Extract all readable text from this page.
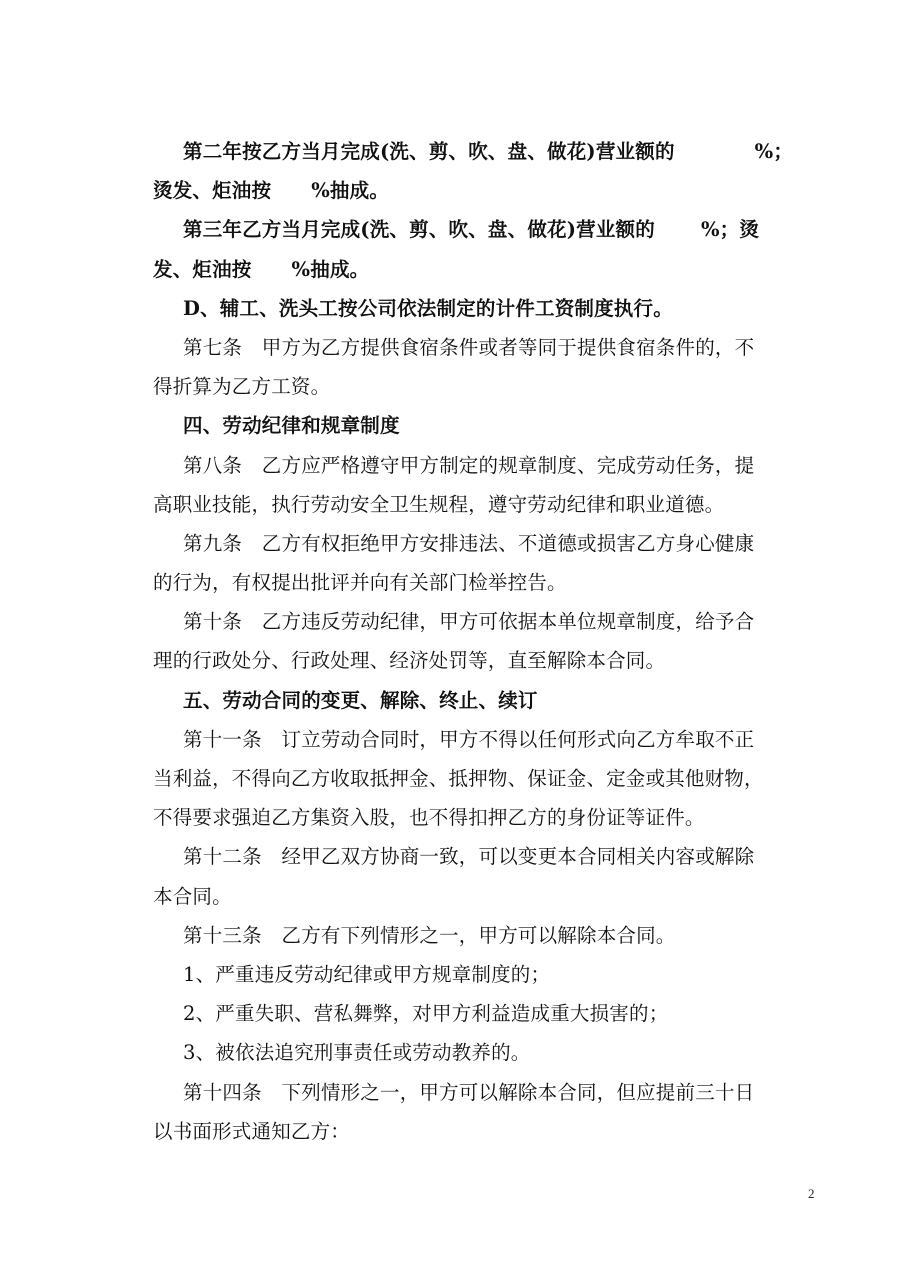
第二年按乙方当月完成(洗、剪、吹、盘、做花)营业额的	%；
烫发、炬油按 %抽成。
第三年乙方当月完成(洗、剪、吹、盘、做花)营业额的 %；烫
发、炬油按 %抽成。
D、辅工、洗头工按公司依法制定的计件工资制度执行。
第七条　甲方为乙方提供食宿条件或者等同于提供食宿条件的，不
得折算为乙方工资。
四、劳动纪律和规章制度
第八条　乙方应严格遵守甲方制定的规章制度、完成劳动任务，提
高职业技能，执行劳动安全卫生规程，遵守劳动纪律和职业道德。
第九条　乙方有权拒绝甲方安排违法、不道德或损害乙方身心健康
的行为，有权提出批评并向有关部门检举控告。
第十条　乙方违反劳动纪律，甲方可依据本单位规章制度，给予合
理的行政处分、行政处理、经济处罚等，直至解除本合同。
五、劳动合同的变更、解除、终止、续订
第十一条　订立劳动合同时，甲方不得以任何形式向乙方牟取不正
当利益，不得向乙方收取抵押金、抵押物、保证金、定金或其他财物，
不得要求强迫乙方集资入股，也不得扣押乙方的身份证等证件。
第十二条　经甲乙双方协商一致，可以变更本合同相关内容或解除
本合同。
第十三条　乙方有下列情形之一，甲方可以解除本合同。
1、严重违反劳动纪律或甲方规章制度的；
2、严重失职、营私舞弊，对甲方利益造成重大损害的；
3、被依法追究刑事责任或劳动教养的。
第十四条　下列情形之一，甲方可以解除本合同，但应提前三十日
以书面形式通知乙方：
2
